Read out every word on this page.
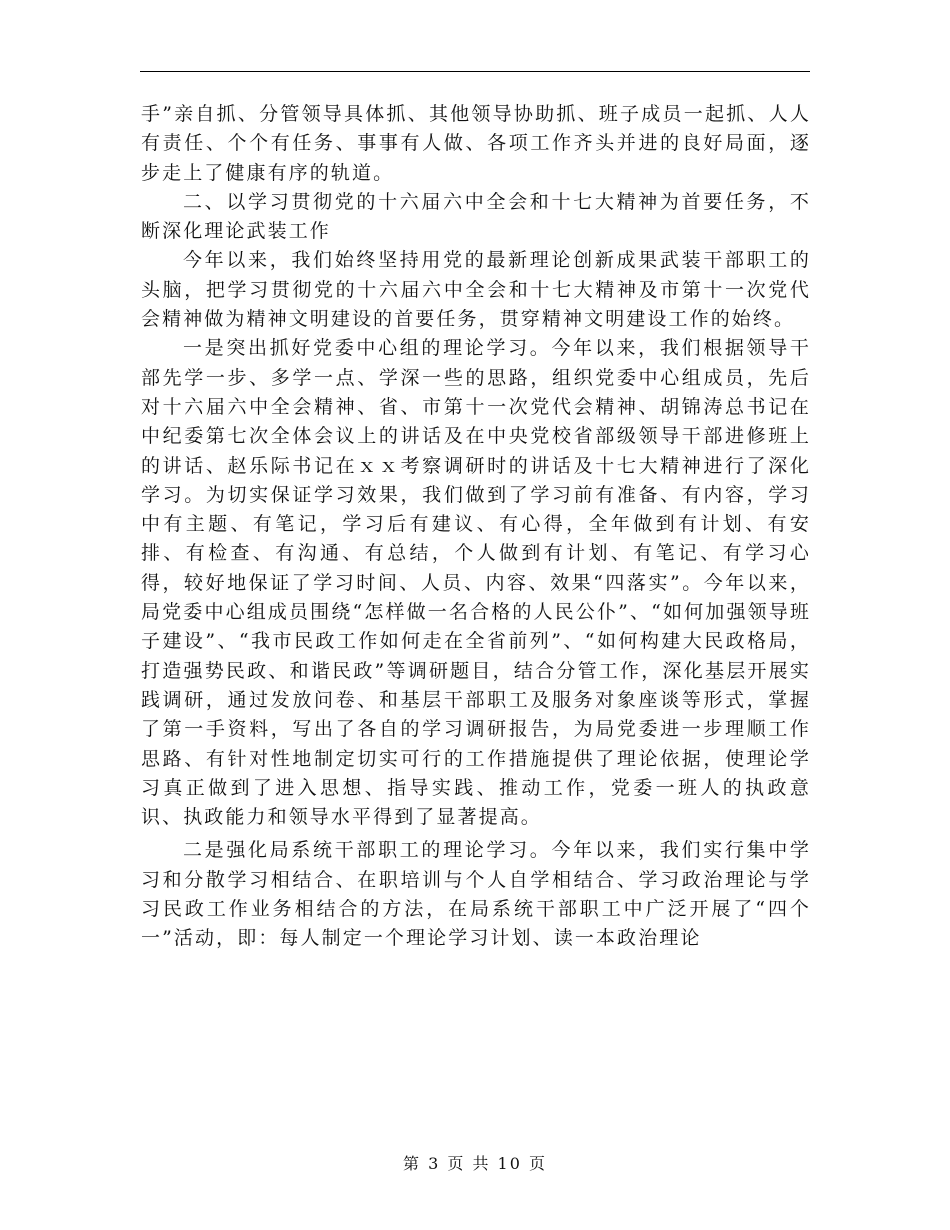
手”亲自抓、分管领导具体抓、其他领导协助抓、班子成员一起抓、人人有责任、个个有任务、事事有人做、各项工作齐头并进的良好局面，逐步走上了健康有序的轨道。

二、以学习贯彻党的十六届六中全会和十七大精神为首要任务，不断深化理论武装工作

今年以来，我们始终坚持用党的最新理论创新成果武装干部职工的头脑，把学习贯彻党的十六届六中全会和十七大精神及市第十一次党代会精神做为精神文明建设的首要任务，贯穿精神文明建设工作的始终。

一是突出抓好党委中心组的理论学习。今年以来，我们根据领导干部先学一步、多学一点、学深一些的思路，组织党委中心组成员，先后对十六届六中全会精神、省、市第十一次党代会精神、胡锦涛总书记在中纪委第七次全体会议上的讲话及在中央党校省部级领导干部进修班上的讲话、赵乐际书记在ｘｘ考察调研时的讲话及十七大精神进行了深化学习。为切实保证学习效果，我们做到了学习前有准备、有内容，学习中有主题、有笔记，学习后有建议、有心得，全年做到有计划、有安排、有检查、有沟通、有总结，个人做到有计划、有笔记、有学习心得，较好地保证了学习时间、人员、内容、效果“四落实”。今年以来，局党委中心组成员围绕“怎样做一名合格的人民公仆”、“如何加强领导班子建设”、“我市民政工作如何走在全省前列”、“如何构建大民政格局，打造强势民政、和谐民政”等调研题目，结合分管工作，深化基层开展实践调研，通过发放问卷、和基层干部职工及服务对象座谈等形式，掌握了第一手资料，写出了各自的学习调研报告，为局党委进一步理顺工作思路、有针对性地制定切实可行的工作措施提供了理论依据，使理论学习真正做到了进入思想、指导实践、推动工作，党委一班人的执政意识、执政能力和领导水平得到了显著提高。

二是强化局系统干部职工的理论学习。今年以来，我们实行集中学习和分散学习相结合、在职培训与个人自学相结合、学习政治理论与学习民政工作业务相结合的方法，在局系统干部职工中广泛开展了“四个一”活动，即：每人制定一个理论学习计划、读一本政治理论

第 3 页 共 10 页
